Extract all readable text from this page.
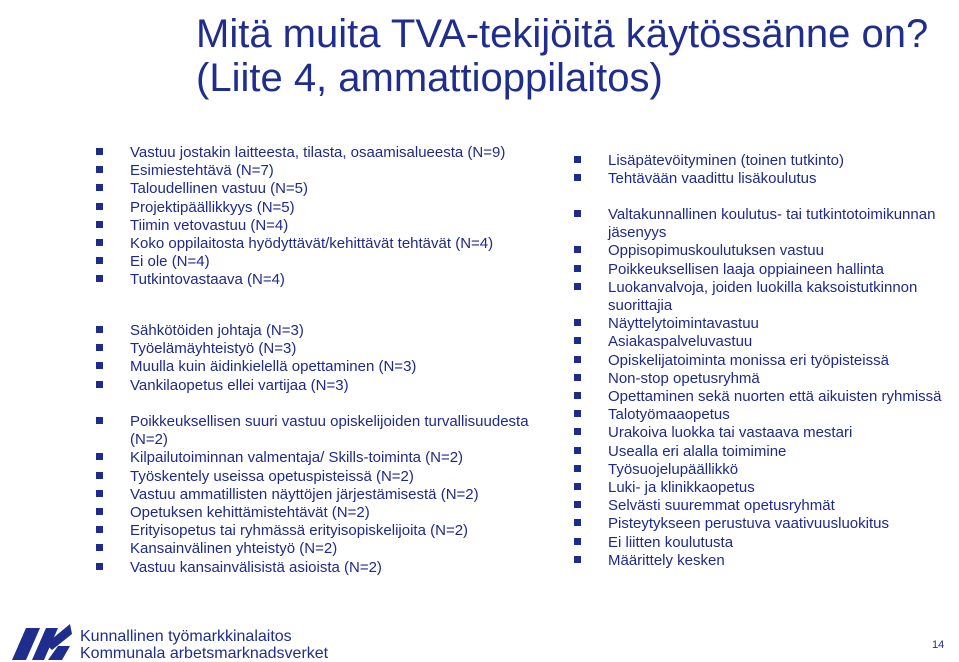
Mitä muita TVA-tekijöitä käytössänne on? (Liite 4, ammattioppilaitos)
Vastuu jostakin laitteesta, tilasta, osaamisalueesta (N=9)
Esimiestehtävä (N=7)
Taloudellinen vastuu (N=5)
Projektipäällikkyys (N=5)
Tiimin vetovastuu (N=4)
Koko oppilaitosta hyödyttävät/kehittävät tehtävät (N=4)
Ei ole (N=4)
Tutkintovastaava (N=4)
Sähkötöiden johtaja (N=3)
Työelämäyhteistyö (N=3)
Muulla kuin äidinkielellä opettaminen (N=3)
Vankilaopetus ellei vartijaa (N=3)
Poikkeuksellisen suuri vastuu opiskelijoiden turvallisuudesta (N=2)
Kilpailutoiminnan valmentaja/ Skills-toiminta (N=2)
Työskentely useissa opetuspisteissä (N=2)
Vastuu ammatillisten näyttöjen järjestämisestä (N=2)
Opetuksen kehittämistehtävät (N=2)
Erityisopetus tai ryhmässä erityisopiskelijoita (N=2)
Kansainvälinen yhteistyö (N=2)
Vastuu kansainvälisistä asioista (N=2)
Lisäpätevöityminen (toinen tutkinto)
Tehtävään vaadittu lisäkoulutus
Valtakunnallinen koulutus- tai tutkintotoimikunnan jäsenyys
Oppisopimuskoulutuksen vastuu
Poikkeuksellisen laaja oppiaineen hallinta
Luokanvalvoja, joiden luokilla kaksoistutkinnon suorittajia
Näyttelytoimintavastuu
Asiakaspalveluvastuu
Opiskelijatoiminta monissa eri työpisteissä
Non-stop opetusryhmä
Opettaminen sekä nuorten että aikuisten ryhmissä
Talotyömaaopetus
Urakoiva luokka tai vastaava mestari
Usealla eri alalla toimimine
Työsuojelupäällikkö
Luki- ja klinikkaopetus
Selvästi suuremmat opetusryhmät
Pisteytykseen perustuva vaativuusluokitus
Ei liitten koulutusta
Määrittely kesken
Kunnallinen työmarkkinalaitos
Kommunala arbetsmarknadsverket	14
